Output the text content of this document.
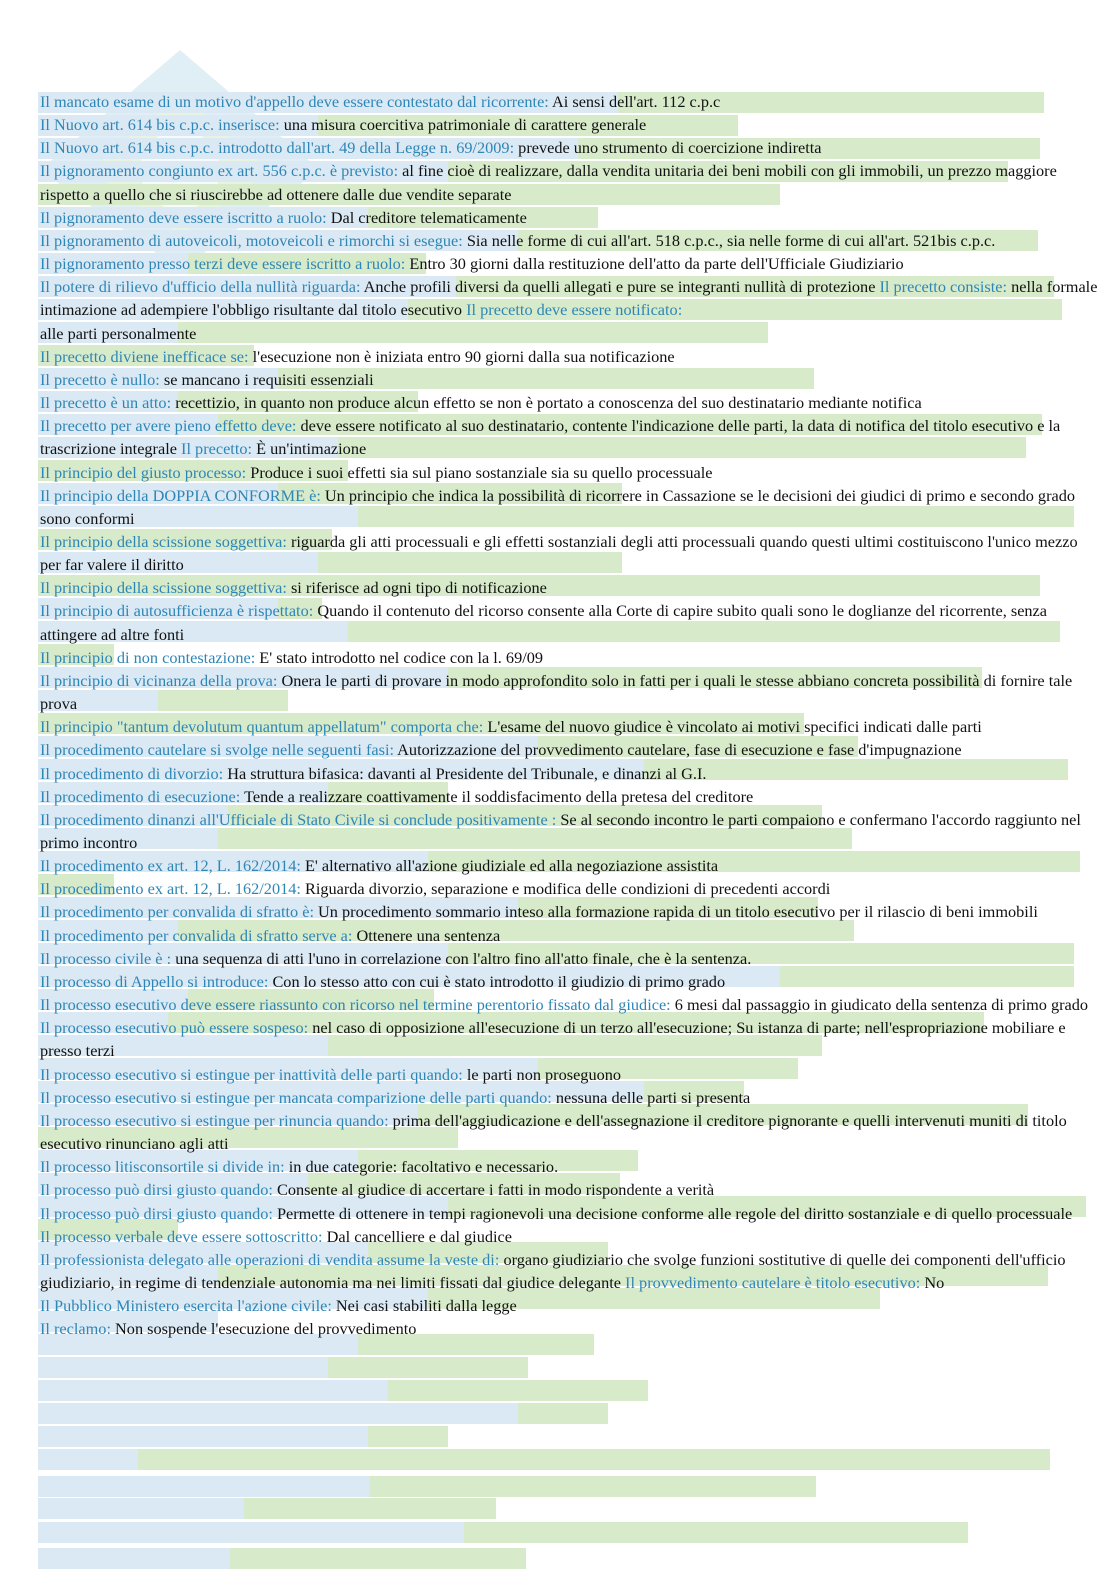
Il mancato esame di un motivo d'appello deve essere contestato dal ricorrente: Ai sensi dell'art. 112 c.p.c

Il Nuovo art. 614 bis c.p.c. inserisce: una misura coercitiva patrimoniale di carattere generale

Il Nuovo art. 614 bis c.p.c. introdotto dall'art. 49 della Legge n. 69/2009: prevede uno strumento di coercizione indiretta

Il pignoramento congiunto ex art. 556 c.p.c. è previsto: al fine cioè di realizzare, dalla vendita unitaria dei beni mobili con gli immobili, un prezzo maggiore rispetto a quello che si riuscirebbe ad ottenere dalle due vendite separate

Il pignoramento deve essere iscritto a ruolo: Dal creditore telematicamente

Il pignoramento di autoveicoli, motoveicoli e rimorchi si esegue: Sia nelle forme di cui all'art. 518 c.p.c., sia nelle forme di cui all'art. 521bis c.p.c.

Il pignoramento presso terzi deve essere iscritto a ruolo: Entro 30 giorni dalla restituzione dell'atto da parte dell'Ufficiale Giudiziario

Il potere di rilievo d'ufficio della nullità riguarda: Anche profili diversi da quelli allegati e pure se integranti nullità di protezione Il precetto consiste: nella formale intimazione ad adempiere l'obbligo risultante dal titolo esecutivo Il precetto deve essere notificato:
alle parti personalmente

Il precetto diviene inefficace se: l'esecuzione non è iniziata entro 90 giorni dalla sua notificazione

Il precetto è nullo: se mancano i requisiti essenziali

Il precetto è un atto: recettizio, in quanto non produce alcun effetto se non è portato a conoscenza del suo destinatario mediante notifica

Il precetto per avere pieno effetto deve: deve essere notificato al suo destinatario, contente l'indicazione delle parti, la data di notifica del titolo esecutivo e la trascrizione integrale Il precetto: È un'intimazione

Il principio del giusto processo: Produce i suoi effetti sia sul piano sostanziale sia su quello processuale

Il principio della DOPPIA CONFORME è: Un principio che indica la possibilità di ricorrere in Cassazione se le decisioni dei giudici di primo e secondo grado sono conformi

Il principio della scissione soggettiva: riguarda gli atti processuali e gli effetti sostanziali degli atti processuali quando questi ultimi costituiscono l'unico mezzo per far valere il diritto

Il principio della scissione soggettiva: si riferisce ad ogni tipo di notificazione

Il principio di autosufficienza è rispettato: Quando il contenuto del ricorso consente alla Corte di capire subito quali sono le doglianze del ricorrente, senza attingere ad altre fonti

Il principio di non contestazione: E' stato introdotto nel codice con la l. 69/09

Il principio di vicinanza della prova: Onera le parti di provare in modo approfondito solo in fatti per i quali le stesse abbiano concreta possibilità di fornire tale prova

Il principio "tantum devolutum quantum appellatum" comporta che: L'esame del nuovo giudice è vincolato ai motivi specifici indicati dalle parti

Il procedimento cautelare si svolge nelle seguenti fasi: Autorizzazione del provvedimento cautelare, fase di esecuzione e fase d'impugnazione

Il procedimento di divorzio: Ha struttura bifasica: davanti al Presidente del Tribunale, e dinanzi al G.I.

Il procedimento di esecuzione: Tende a realizzare coattivamente il soddisfacimento della pretesa del creditore

Il procedimento dinanzi all'Ufficiale di Stato Civile si conclude positivamente : Se al secondo incontro le parti compaiono e confermano l'accordo raggiunto nel primo incontro

Il procedimento ex art. 12, L. 162/2014: E' alternativo all'azione giudiziale ed alla negoziazione assistita

Il procedimento ex art. 12, L. 162/2014: Riguarda divorzio, separazione e modifica delle condizioni di precedenti accordi

Il procedimento per convalida di sfratto è: Un procedimento sommario inteso alla formazione rapida di un titolo esecutivo per il rilascio di beni immobili

Il procedimento per convalida di sfratto serve a: Ottenere una sentenza

Il processo civile è : una sequenza di atti l'uno in correlazione con l'altro fino all'atto finale, che è la sentenza.

Il processo di Appello si introduce: Con lo stesso atto con cui è stato introdotto il giudizio di primo grado

Il processo esecutivo deve essere riassunto con ricorso nel termine perentorio fissato dal giudice: 6 mesi dal passaggio in giudicato della sentenza di primo grado

Il processo esecutivo può essere sospeso: nel caso di opposizione all'esecuzione di un terzo all'esecuzione; Su istanza di parte; nell'espropriazione mobiliare e presso terzi

Il processo esecutivo si estingue per inattività delle parti quando: le parti non proseguono

Il processo esecutivo si estingue per mancata comparizione delle parti quando: nessuna delle parti si presenta

Il processo esecutivo si estingue per rinuncia quando: prima dell'aggiudicazione e dell'assegnazione il creditore pignorante e quelli intervenuti muniti di titolo esecutivo rinunciano agli atti

Il processo litisconsortile si divide in: in due categorie: facoltativo e necessario.

Il processo può dirsi giusto quando: Consente al giudice di accertare i fatti in modo rispondente a verità

Il processo può dirsi giusto quando: Permette di ottenere in tempi ragionevoli una decisione conforme alle regole del diritto sostanziale e di quello processuale

Il processo verbale deve essere sottoscritto: Dal cancelliere e dal giudice

Il professionista delegato alle operazioni di vendita assume la veste di: organo giudiziario che svolge funzioni sostitutive di quelle dei componenti dell'ufficio giudiziario, in regime di tendenziale autonomia ma nei limiti fissati dal giudice delegante Il provvedimento cautelare è titolo esecutivo: No

Il Pubblico Ministero esercita l'azione civile: Nei casi stabiliti dalla legge

Il reclamo: Non sospende l'esecuzione del provvedimento
